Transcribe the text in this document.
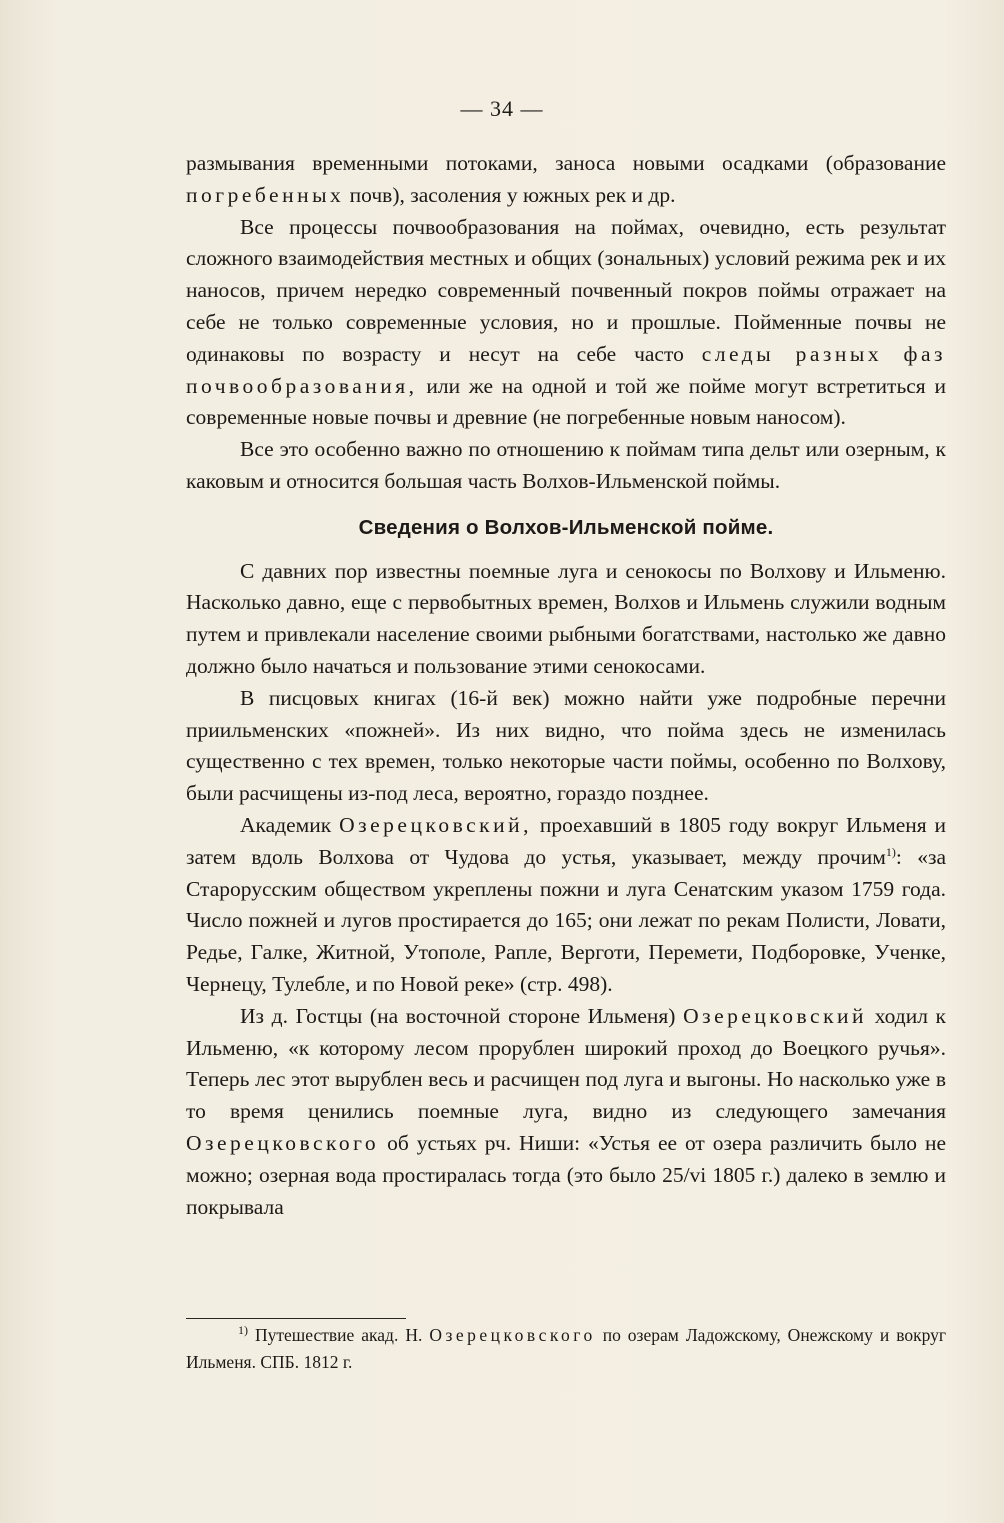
— 34 —

размывания временными потоками, заноса новыми осадками (образование погребенных почв), засоления у южных рек и др.

Все процессы почвообразования на поймах, очевидно, есть результат сложного взаимодействия местных и общих (зональных) условий режима рек и их наносов, причем нередко современный почвенный покров поймы отражает на себе не только современные условия, но и прошлые. Пойменные почвы не одинаковы по возрасту и несут на себе часто следы разных фаз почвообразования, или же на одной и той же пойме могут встретиться и современные новые почвы и древние (не погребенные новым наносом).

Все это особенно важно по отношению к поймам типа дельт или озерным, к каковым и относится большая часть Волхов-Ильменской поймы.

Сведения о Волхов-Ильменской пойме.

С давних пор известны поемные луга и сенокосы по Волхову и Ильменю. Насколько давно, еще с первобытных времен, Волхов и Ильмень служили водным путем и привлекали население своими рыбными богатствами, настолько же давно должно было начаться и пользование этими сенокосами.

В писцовых книгах (16-й век) можно найти уже подробные перечни приильменских «пожней». Из них видно, что пойма здесь не изменилась существенно с тех времен, только некоторые части поймы, особенно по Волхову, были расчищены из-под леса, вероятно, гораздо позднее.

Академик Озерецковский, проехавший в 1805 году вокруг Ильменя и затем вдоль Волхова от Чудова до устья, указывает, между прочим$^{1)}$: «за Старорусским обществом укреплены пожни и луга Сенатским указом 1759 года. Число пожней и лугов простирается до 165; они лежат по рекам Полисти, Ловати, Редье, Галке, Житной, Утополе, Рапле, Верготи, Перемети, Подборовке, Ученке, Чернецу, Тулебле, и по Новой реке» (стр. 498).

Из д. Гостцы (на восточной стороне Ильменя) Озерецковский ходил к Ильменю, «к которому лесом прорублен широкий проход до Воецкого ручья». Теперь лес этот вырублен весь и расчищен под луга и выгоны. Но насколько уже в то время ценились поемные луга, видно из следующего замечания Озерецковского об устьях рч. Ниши: «Устья ее от озера различить было не можно; озерная вода простиралась тогда (это было 25/vi 1805 г.) далеко в землю и покрывала

$^{1)}$ Путешествие акад. Н. Озерецковского по озерам Ладожскому, Онежскому и вокруг Ильменя. СПБ. 1812 г.
